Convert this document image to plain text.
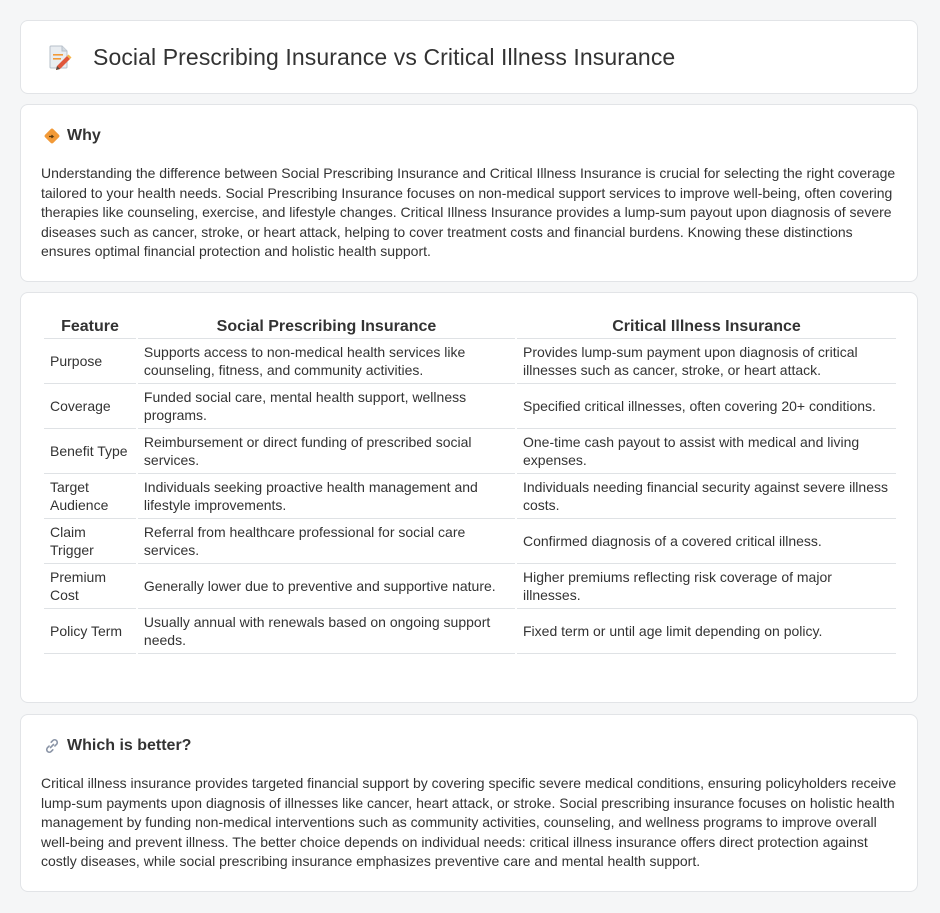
Social Prescribing Insurance vs Critical Illness Insurance
Why

Understanding the difference between Social Prescribing Insurance and Critical Illness Insurance is crucial for selecting the right coverage tailored to your health needs. Social Prescribing Insurance focuses on non-medical support services to improve well-being, often covering therapies like counseling, exercise, and lifestyle changes. Critical Illness Insurance provides a lump-sum payout upon diagnosis of severe diseases such as cancer, stroke, or heart attack, helping to cover treatment costs and financial burdens. Knowing these distinctions ensures optimal financial protection and holistic health support.

Feature	Social Prescribing Insurance	Critical Illness Insurance
Purpose	Supports access to non-medical health services like counseling, fitness, and community activities.	Provides lump-sum payment upon diagnosis of critical illnesses such as cancer, stroke, or heart attack.
Coverage	Funded social care, mental health support, wellness programs.	Specified critical illnesses, often covering 20+ conditions.
Benefit Type	Reimbursement or direct funding of prescribed social services.	One-time cash payout to assist with medical and living expenses.
Target Audience	Individuals seeking proactive health management and lifestyle improvements.	Individuals needing financial security against severe illness costs.
Claim Trigger	Referral from healthcare professional for social care services.	Confirmed diagnosis of a covered critical illness.
Premium Cost	Generally lower due to preventive and supportive nature.	Higher premiums reflecting risk coverage of major illnesses.
Policy Term	Usually annual with renewals based on ongoing support needs.	Fixed term or until age limit depending on policy.
Which is better?

Critical illness insurance provides targeted financial support by covering specific severe medical conditions, ensuring policyholders receive lump-sum payments upon diagnosis of illnesses like cancer, heart attack, or stroke. Social prescribing insurance focuses on holistic health management by funding non-medical interventions such as community activities, counseling, and wellness programs to improve overall well-being and prevent illness. The better choice depends on individual needs: critical illness insurance offers direct protection against costly diseases, while social prescribing insurance emphasizes preventive care and mental health support.
